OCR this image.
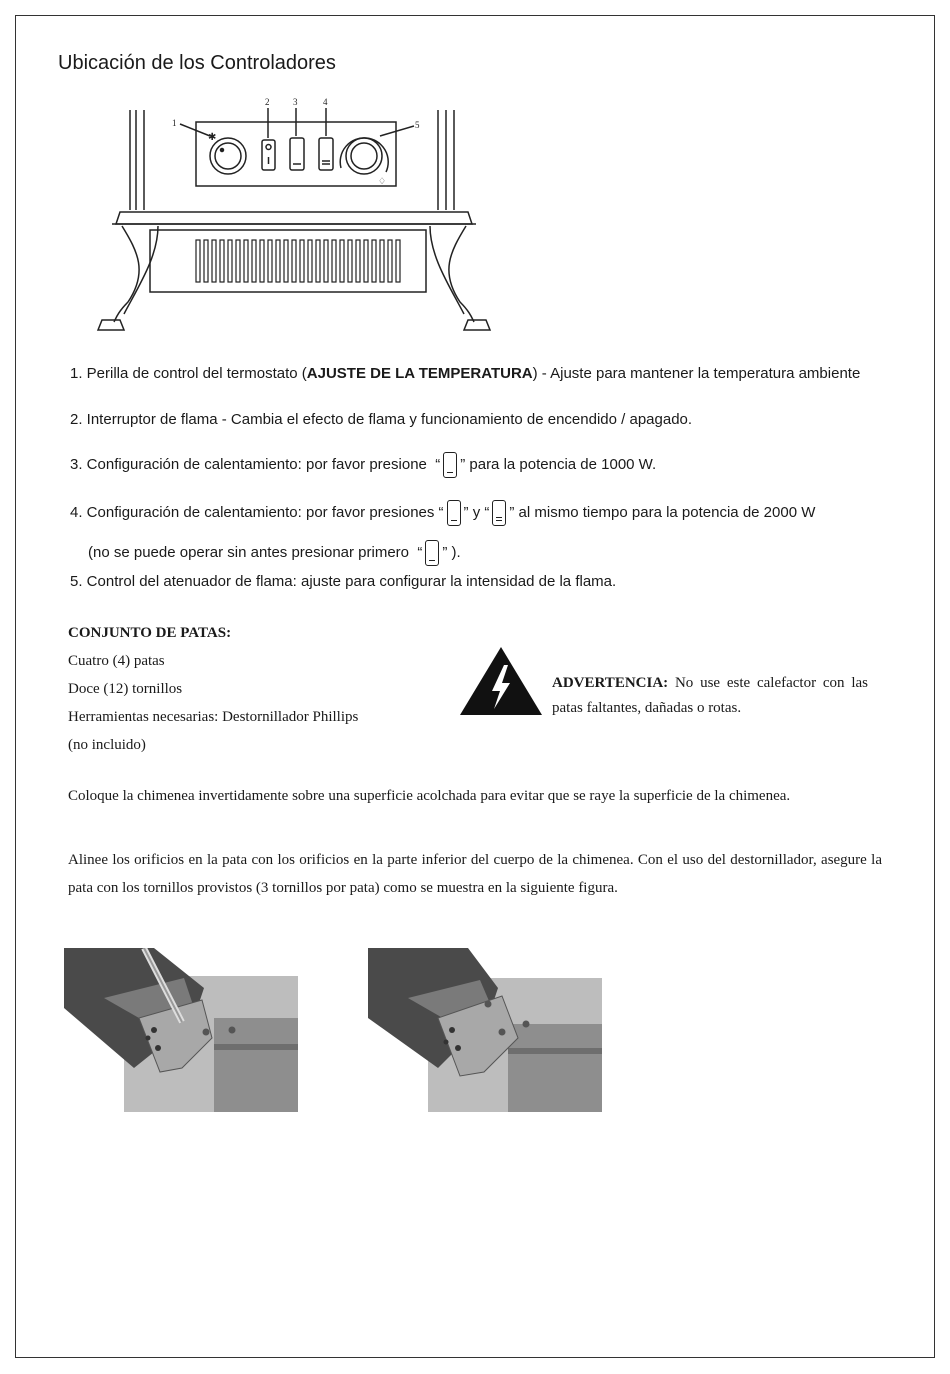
Ubicación de los Controladores
1
2	3	4
5
✱
♢
1. Perilla de control del termostato (AJUSTE DE LA TEMPERATURA) - Ajuste para mantener la temperatura ambiente
2. Interruptor de flama - Cambia el efecto de flama y funcionamiento de encendido / apagado.
3. Configuración de calentamiento: por favor presione  “ ” para la potencia de 1000 W.
4. Configuración de calentamiento: por favor presiones “ ” y “ ” al mismo tiempo para la potencia de 2000 W
(no se puede operar sin antes presionar primero  “ ” ).
5. Control del atenuador de flama: ajuste para configurar la intensidad de la flama.
CONJUNTO DE PATAS:
Cuatro (4) patas
Doce (12) tornillos
Herramientas necesarias: Destornillador Phillips
(no incluido)
ADVERTENCIA: No use este calefactor con las patas faltantes, dañadas o rotas.
Coloque la chimenea invertidamente sobre una superficie acolchada para evitar que se raye la superficie de la chimenea.
Alinee los orificios en la pata con los orificios en la parte inferior del cuerpo de la chimenea. Con el uso del destornillador, asegure la pata con los tornillos provistos (3 tornillos por pata) como se muestra en la siguiente figura.
